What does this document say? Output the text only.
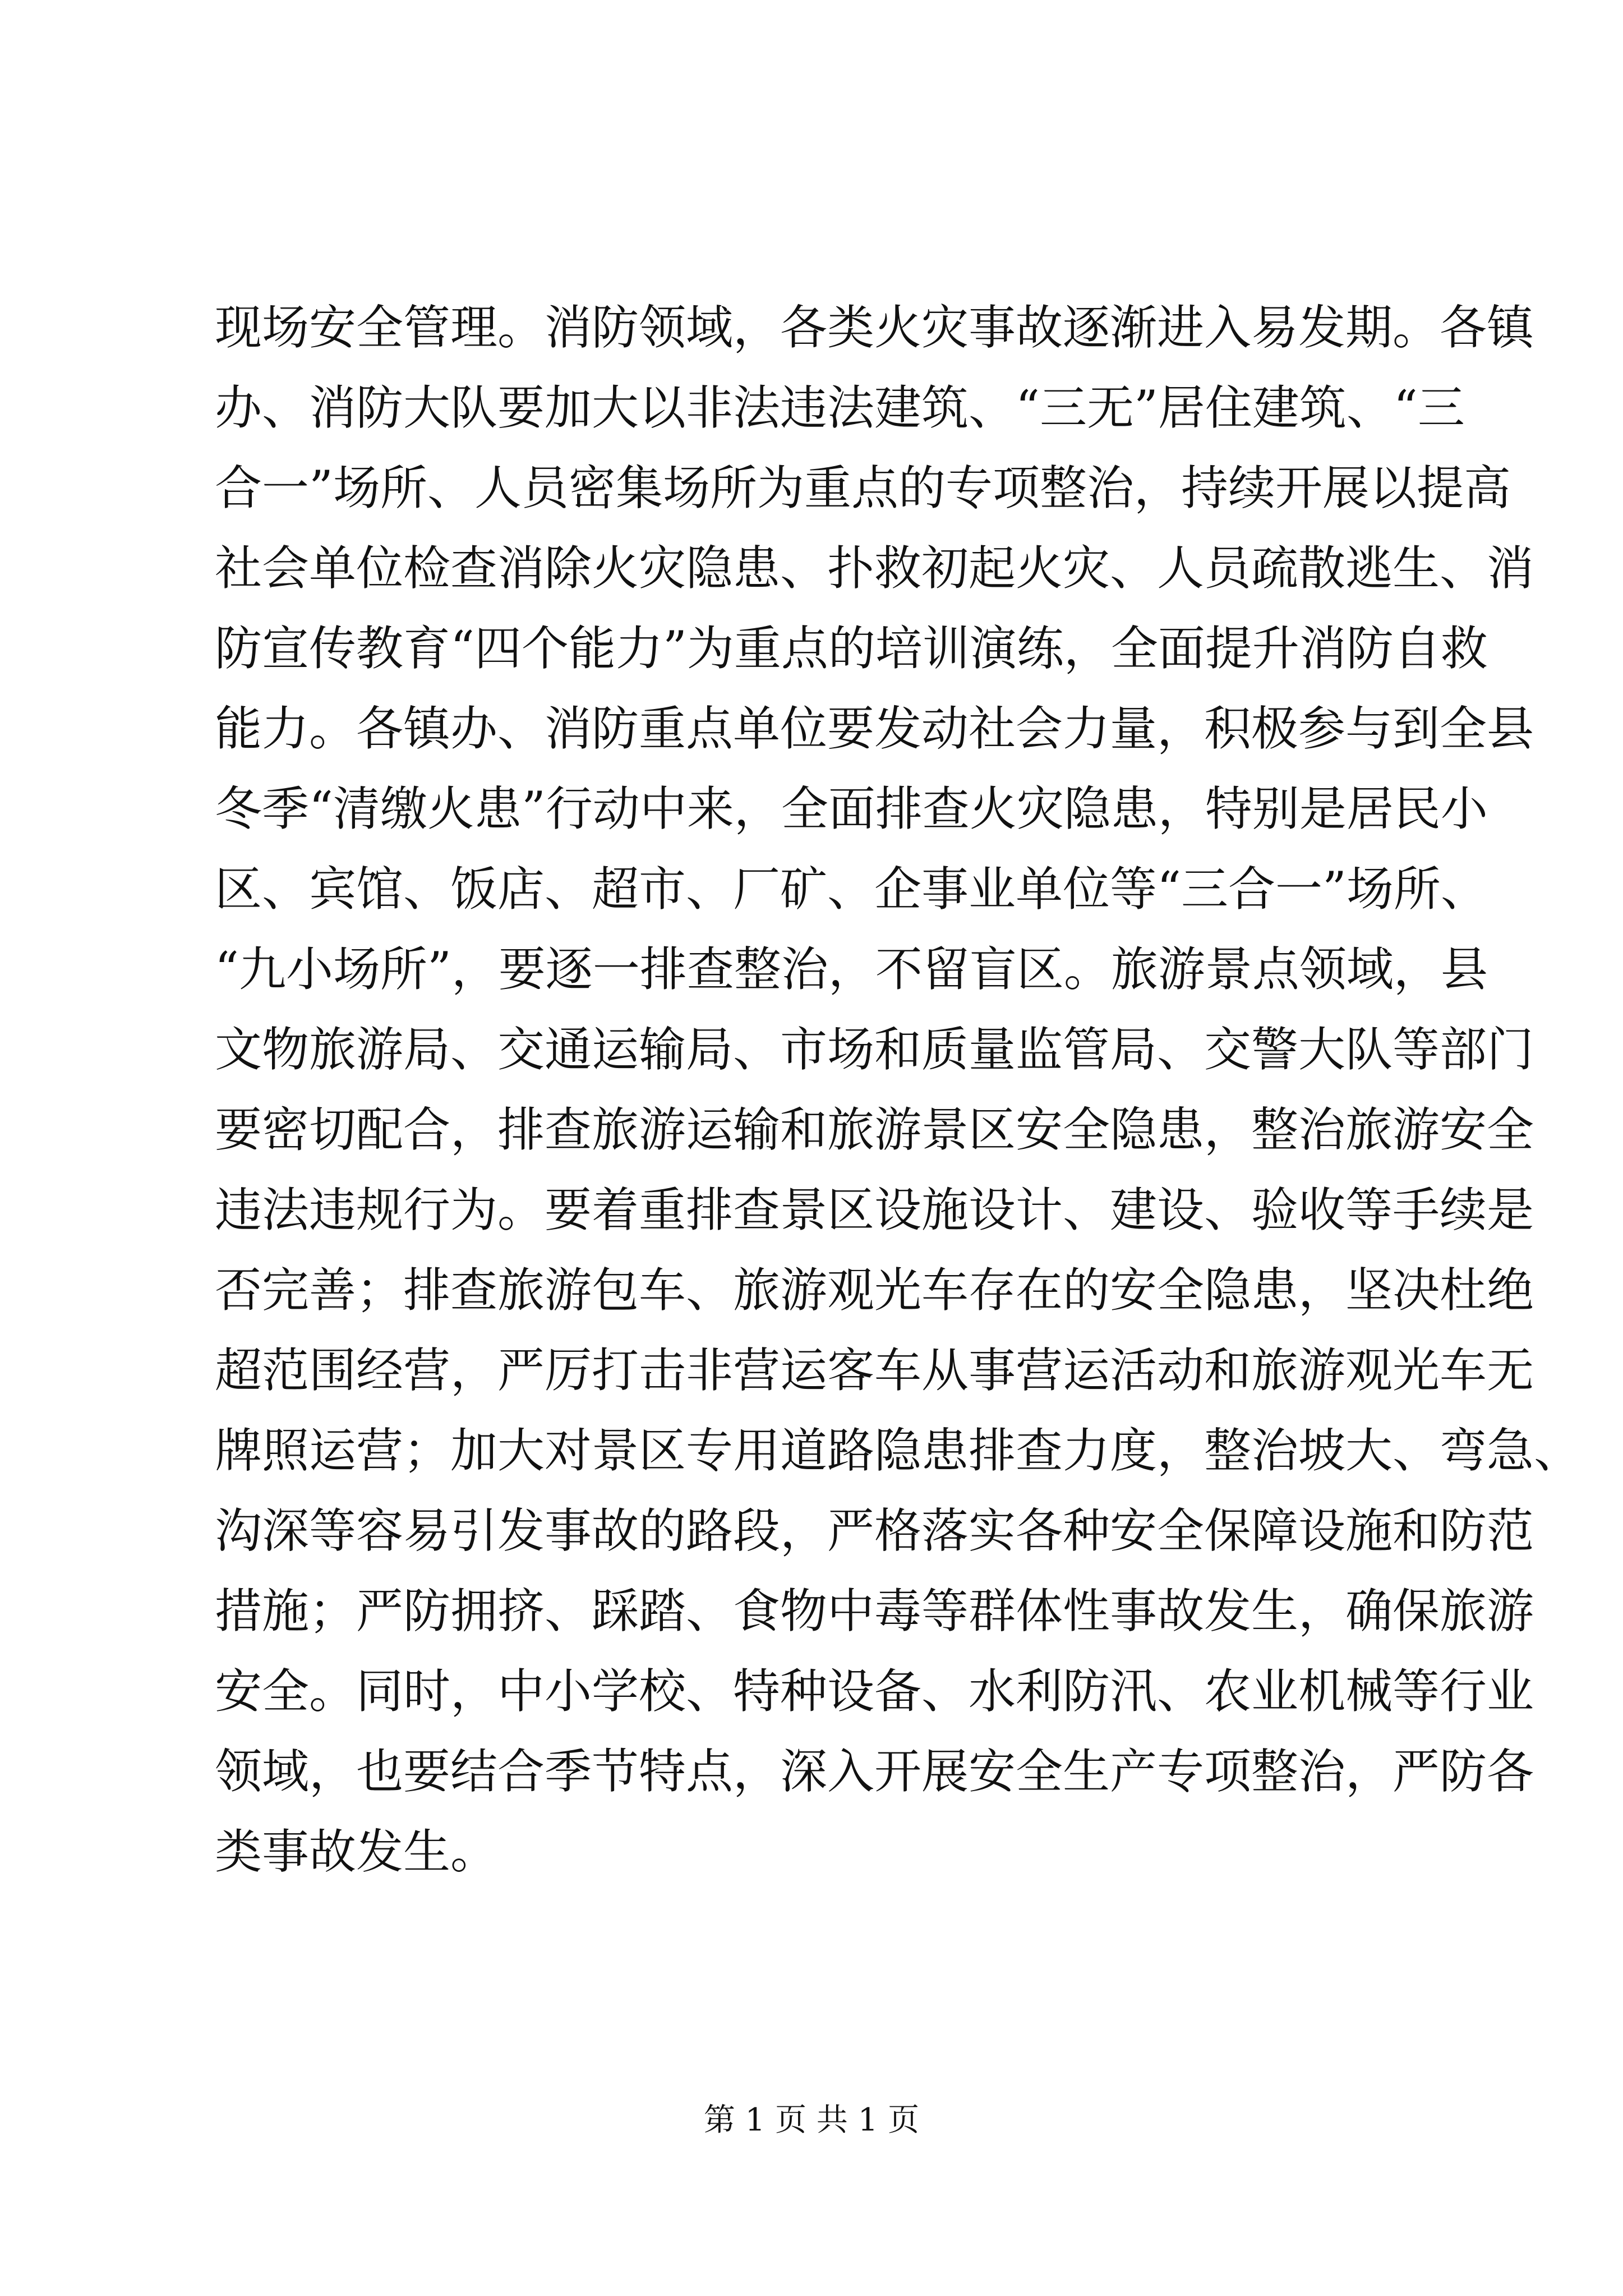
现场安全管理。消防领域，各类火灾事故逐渐进入易发期。各镇
办、消防大队要加大以非法违法建筑、“三无”居住建筑、“三
合一”场所、人员密集场所为重点的专项整治，持续开展以提高
社会单位检查消除火灾隐患、扑救初起火灾、人员疏散逃生、消
防宣传教育“四个能力”为重点的培训演练，全面提升消防自救
能力。各镇办、消防重点单位要发动社会力量，积极参与到全县
冬季“清缴火患”行动中来，全面排查火灾隐患，特别是居民小
区、宾馆、饭店、超市、厂矿、企事业单位等“三合一”场所、
“九小场所”，要逐一排查整治，不留盲区。旅游景点领域，县
文物旅游局、交通运输局、市场和质量监管局、交警大队等部门
要密切配合，排查旅游运输和旅游景区安全隐患，整治旅游安全
违法违规行为。要着重排查景区设施设计、建设、验收等手续是
否完善；排查旅游包车、旅游观光车存在的安全隐患，坚决杜绝
超范围经营，严厉打击非营运客车从事营运活动和旅游观光车无
牌照运营；加大对景区专用道路隐患排查力度，整治坡大、弯急、
沟深等容易引发事故的路段，严格落实各种安全保障设施和防范
措施；严防拥挤、踩踏、食物中毒等群体性事故发生，确保旅游
安全。同时，中小学校、特种设备、水利防汛、农业机械等行业
领域，也要结合季节特点，深入开展安全生产专项整治，严防各
类事故发生。
第 1 页 共 1 页
